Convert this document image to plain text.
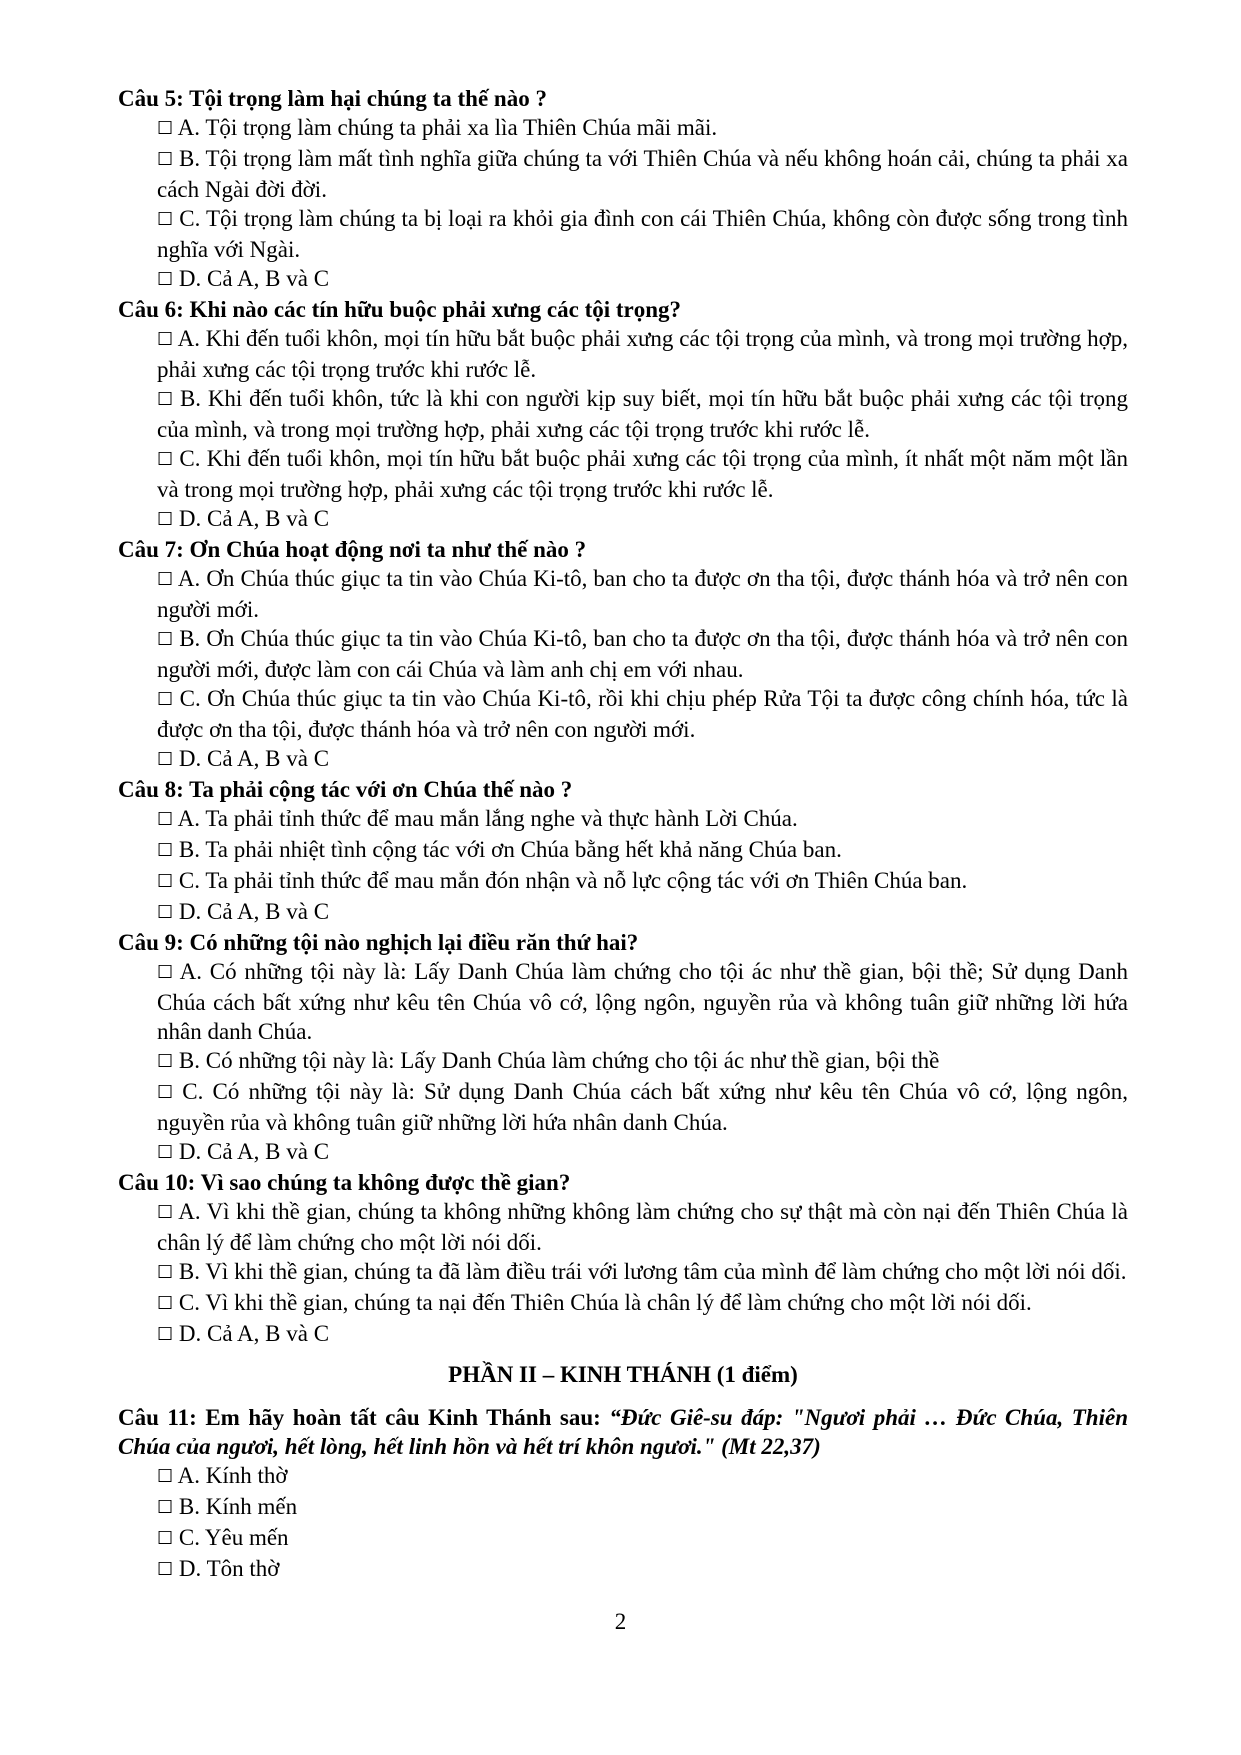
Câu 5: Tội trọng làm hại chúng ta thế nào ?
☐ A. Tội trọng làm chúng ta phải xa lìa Thiên Chúa mãi mãi.
☐ B. Tội trọng làm mất tình nghĩa giữa chúng ta với Thiên Chúa và nếu không hoán cải, chúng ta phải xa cách Ngài đời đời.
☐ C. Tội trọng làm chúng ta bị loại ra khỏi gia đình con cái Thiên Chúa, không còn được sống trong tình nghĩa với Ngài.
☐ D. Cả A, B và C
Câu 6: Khi nào các tín hữu buộc phải xưng các tội trọng?
☐ A. Khi đến tuổi khôn, mọi tín hữu bắt buộc phải xưng các tội trọng của mình, và trong mọi trường hợp, phải xưng các tội trọng trước khi rước lễ.
☐ B. Khi đến tuổi khôn, tức là khi con người kịp suy biết, mọi tín hữu bắt buộc phải xưng các tội trọng của mình, và trong mọi trường hợp, phải xưng các tội trọng trước khi rước lễ.
☐ C. Khi đến tuổi khôn, mọi tín hữu bắt buộc phải xưng các tội trọng của mình, ít nhất một năm một lần và trong mọi trường hợp, phải xưng các tội trọng trước khi rước lễ.
☐ D. Cả A, B và C
Câu 7: Ơn Chúa hoạt động nơi ta như thế nào ?
☐ A. Ơn Chúa thúc giục ta tin vào Chúa Ki-tô, ban cho ta được ơn tha tội, được thánh hóa và trở nên con người mới.
☐ B. Ơn Chúa thúc giục ta tin vào Chúa Ki-tô, ban cho ta được ơn tha tội, được thánh hóa và trở nên con người mới, được làm con cái Chúa và làm anh chị em với nhau.
☐ C. Ơn Chúa thúc giục ta tin vào Chúa Ki-tô, rồi khi chịu phép Rửa Tội ta được công chính hóa, tức là được ơn tha tội, được thánh hóa và trở nên con người mới.
☐ D. Cả A, B và C
Câu 8: Ta phải cộng tác với ơn Chúa thế nào ?
☐ A. Ta phải tỉnh thức để mau mắn lắng nghe và thực hành Lời Chúa.
☐ B. Ta phải nhiệt tình cộng tác với ơn Chúa bằng hết khả năng Chúa ban.
☐ C. Ta phải tỉnh thức để mau mắn đón nhận và nỗ lực cộng tác với ơn Thiên Chúa ban.
☐ D. Cả A, B và C
Câu 9: Có những tội nào nghịch lại điều răn thứ hai?
☐ A. Có những tội này là: Lấy Danh Chúa làm chứng cho tội ác như thề gian, bội thề; Sử dụng Danh Chúa cách bất xứng như kêu tên Chúa vô cớ, lộng ngôn, nguyền rủa và không tuân giữ những lời hứa nhân danh Chúa.
☐ B. Có những tội này là: Lấy Danh Chúa làm chứng cho tội ác như thề gian, bội thề
☐ C. Có những tội này là: Sử dụng Danh Chúa cách bất xứng như kêu tên Chúa vô cớ, lộng ngôn, nguyền rủa và không tuân giữ những lời hứa nhân danh Chúa.
☐ D. Cả A, B và C
Câu 10: Vì sao chúng ta không được thề gian?
☐ A. Vì khi thề gian, chúng ta không những không làm chứng cho sự thật mà còn nại đến Thiên Chúa là chân lý để làm chứng cho một lời nói dối.
☐ B. Vì khi thề gian, chúng ta đã làm điều trái với lương tâm của mình để làm chứng cho một lời nói dối.
☐ C. Vì khi thề gian, chúng ta nại đến Thiên Chúa là chân lý để làm chứng cho một lời nói dối.
☐ D. Cả A, B và C
PHẦN II – KINH THÁNH (1 điểm)
Câu 11: Em hãy hoàn tất câu Kinh Thánh sau: “Đức Giê-su đáp: "Ngươi phải … Đức Chúa, Thiên Chúa của ngươi, hết lòng, hết linh hồn và hết trí khôn ngươi." (Mt 22,37)
☐ A. Kính thờ
☐ B. Kính mến
☐ C. Yêu mến
☐ D. Tôn thờ
2
